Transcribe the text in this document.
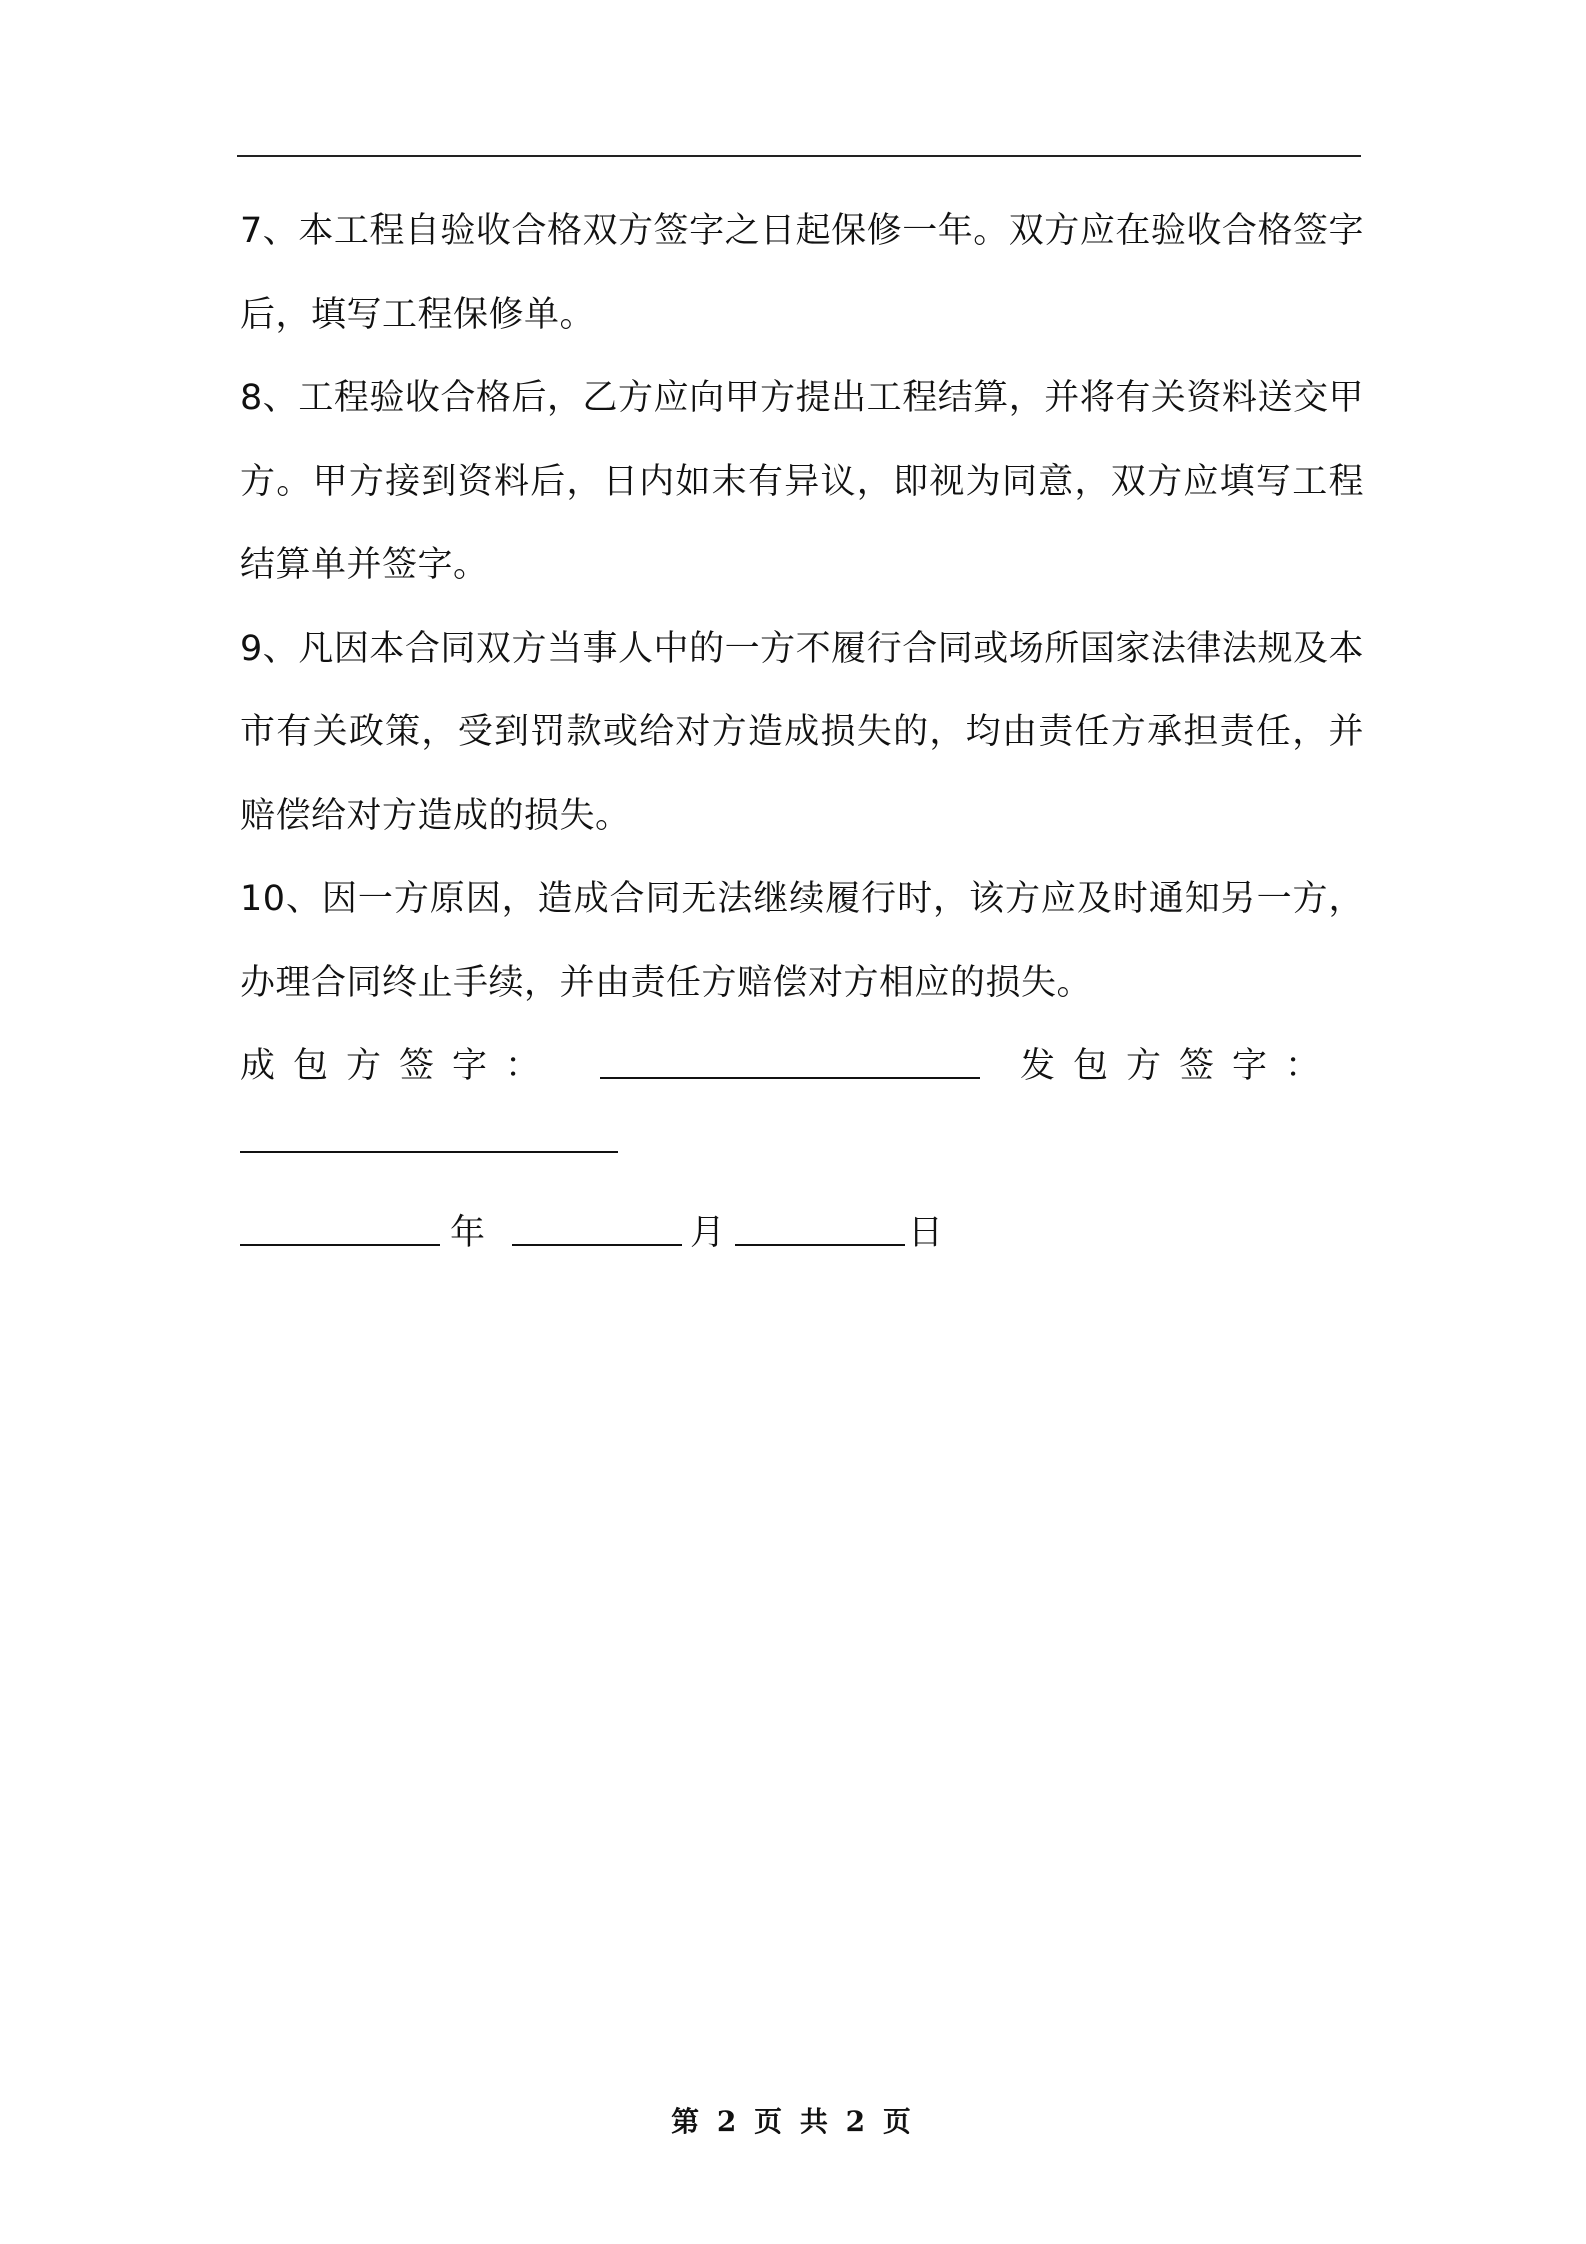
7、本工程自验收合格双方签字之日起保修一年。双方应在验收合格签字后，填写工程保修单。

8、工程验收合格后，乙方应向甲方提出工程结算，并将有关资料送交甲方。甲方接到资料后，日内如末有异议，即视为同意，双方应填写工程结算单并签字。

9、凡因本合同双方当事人中的一方不履行合同或场所国家法律法规及本市有关政策，受到罚款或给对方造成损失的，均由责任方承担责任，并赔偿给对方造成的损失。

10、因一方原因，造成合同无法继续履行时，该方应及时通知另一方，办理合同终止手续，并由责任方赔偿对方相应的损失。

成包方签字：	发包方签字：
年	月	日
第 2 页 共 2 页
